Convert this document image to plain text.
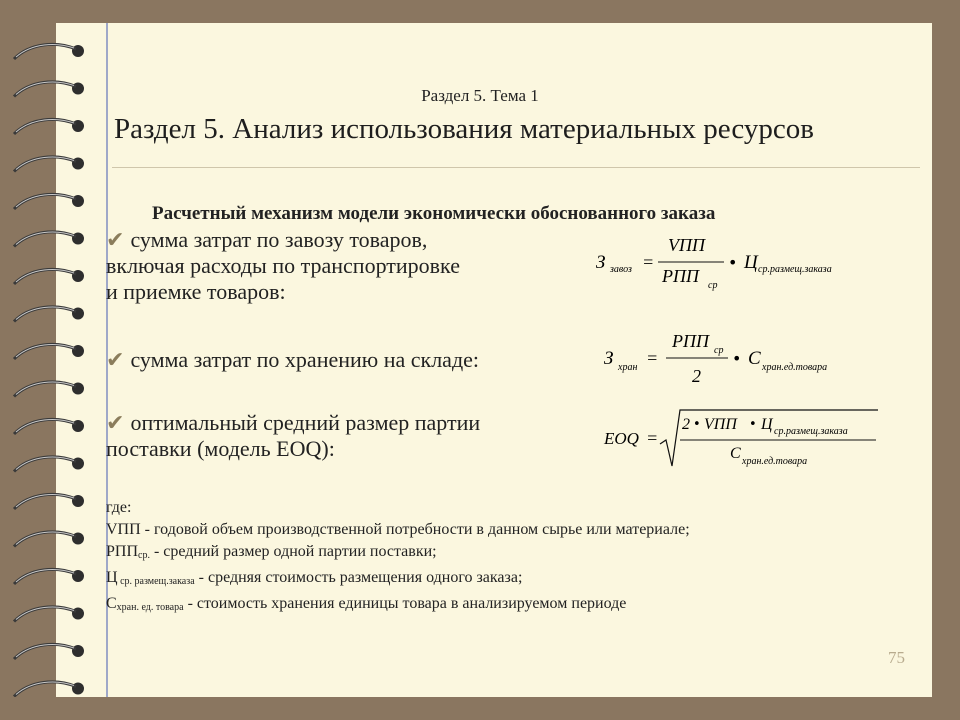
Раздел 5. Тема 1
Раздел 5. Анализ использования материальных ресурсов
Расчетный механизм модели экономически обоснованного заказа
✔ сумма затрат по завозу товаров,
включая расходы по транспортировке
и приемке товаров:
✔ сумма затрат по хранению на складе:
✔ оптимальный средний размер партии
поставки (модель EOQ):
З завоз =
VПП
РПП ср
• Ц ср.размещ.заказа
З хран =
РПП ср
2
• С хран.ед.товара
EOQ =
2 • VПП • Ц ср.размещ.заказа
С хран.ед.товара
где:
VПП - годовой объем производственной потребности в данном сырье или материале;
$РПП_{ср.}$ - средний размер одной партии поставки;
Ц $_{ср. размещ.заказа}$ - средняя стоимость размещения одного заказа;
$С_{хран. ед. товара}$ - стоимость хранения единицы товара в анализируемом периоде
75
